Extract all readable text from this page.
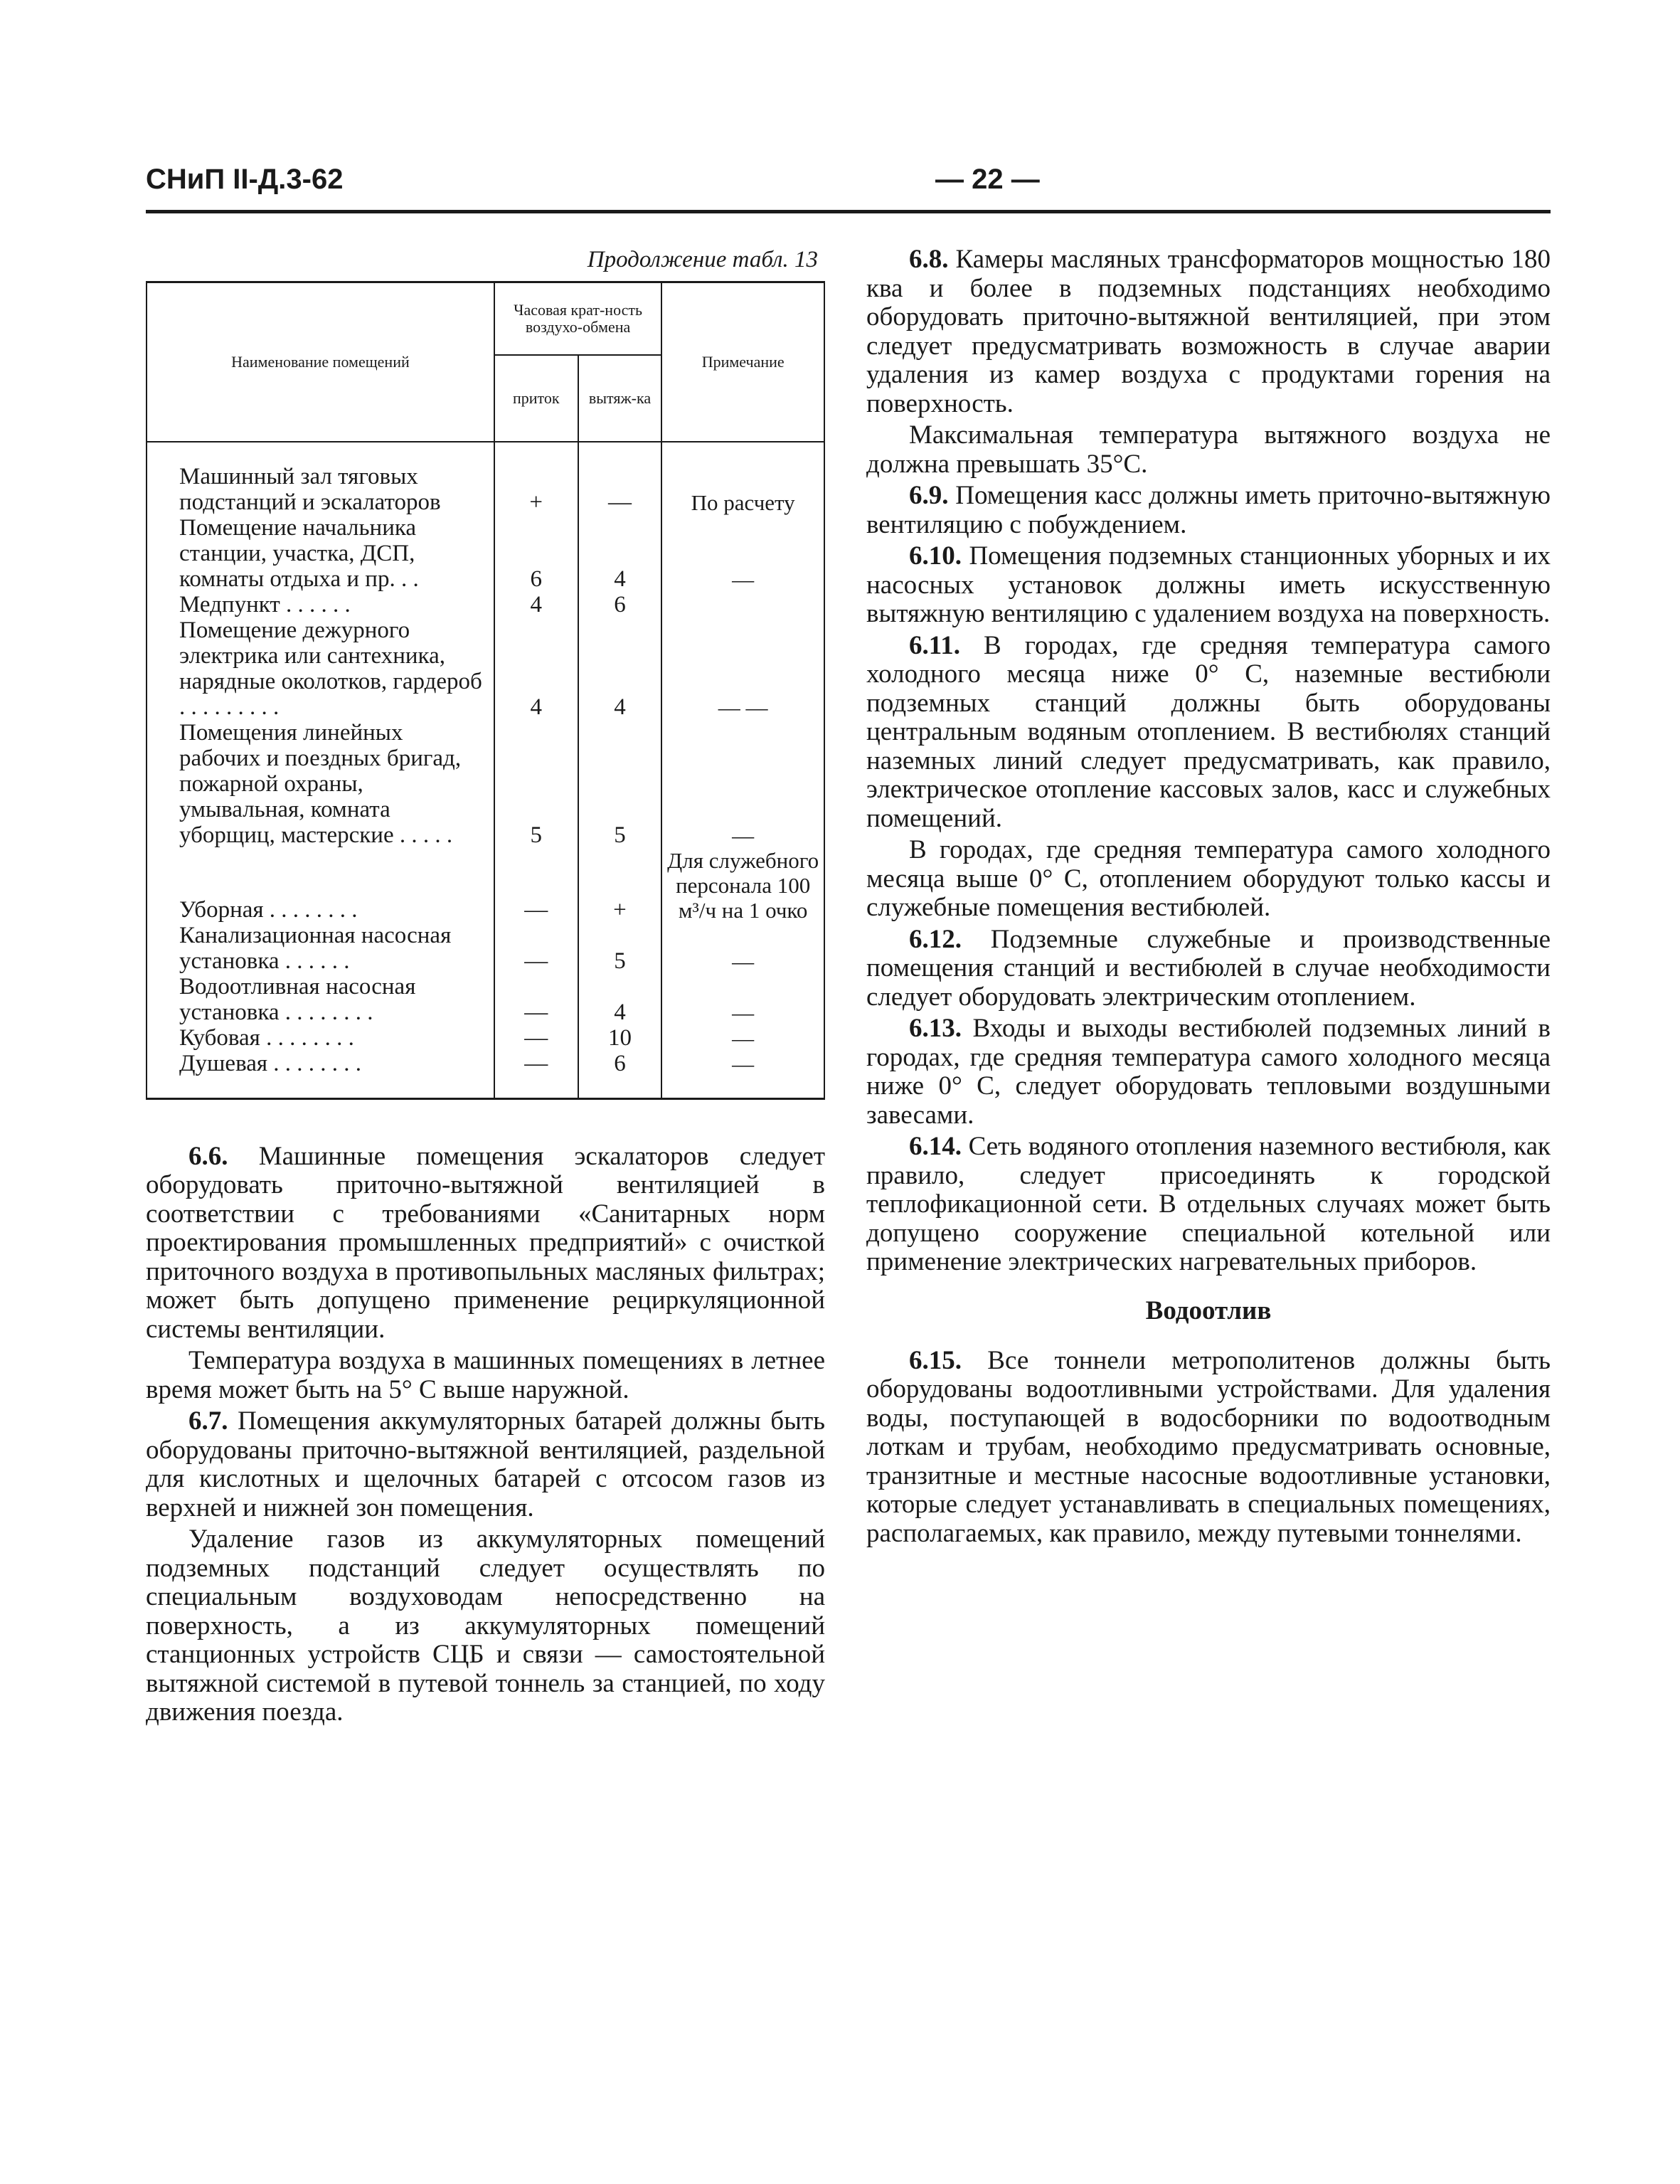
СНиП II-Д.3-62	— 22 —
Продолжение табл. 13
Наименование помещений	Часовая крат-ность воздухо-обмена		Примечание
	приток	вытяж-ка	
Машинный зал тяговых подстанций и эскалаторов	+	—	По расчету
Помещение начальника станции, участка, ДСП, комнаты отдыха и пр. . .	6	4	—
Медпункт . . . . . .	4	6	
Помещение дежурного электрика или сантехника, нарядные околотков, гардероб . . . . . . . . .	4	4	— —
Помещения линейных рабочих и поездных бригад, пожарной охраны, умывальная, комната уборщиц, мастерские . . . . .	5	5	—
Уборная . . . . . . . .	—	+	Для служебного персонала 100 м³/ч на 1 очко
Канализационная насосная установка . . . . . .	—	5	—
Водоотливная насосная установка . . . . . . . .	—	4	—
Кубовая . . . . . . . .	—	10	—
Душевая . . . . . . . .	—	6	—

6.6. Машинные помещения эскалаторов следует оборудовать приточно-вытяжной вентиляцией в соответствии с требованиями «Санитарных норм проектирования промышленных предприятий» с очисткой приточного воздуха в противопыльных масляных фильтрах; может быть допущено применение рециркуляционной системы вентиляции.

Температура воздуха в машинных помещениях в летнее время может быть на 5° С выше наружной.

6.7. Помещения аккумуляторных батарей должны быть оборудованы приточно-вытяжной вентиляцией, раздельной для кислотных и щелочных батарей с отсосом газов из верхней и нижней зон помещения.

Удаление газов из аккумуляторных помещений подземных подстанций следует осуществлять по специальным воздуховодам непосредственно на поверхность, а из аккумуляторных помещений станционных устройств СЦБ и связи — самостоятельной вытяжной системой в путевой тоннель за станцией, по ходу движения поезда.

6.8. Камеры масляных трансформаторов мощностью 180 ква и более в подземных подстанциях необходимо оборудовать приточно-вытяжной вентиляцией, при этом следует предусматривать возможность в случае аварии удаления из камер воздуха с продуктами горения на поверхность.

Максимальная температура вытяжного воздуха не должна превышать 35°С.

6.9. Помещения касс должны иметь приточно-вытяжную вентиляцию с побуждением.

6.10. Помещения подземных станционных уборных и их насосных установок должны иметь искусственную вытяжную вентиляцию с удалением воздуха на поверхность.

6.11. В городах, где средняя температура самого холодного месяца ниже 0° С, наземные вестибюли подземных станций должны быть оборудованы центральным водяным отоплением. В вестибюлях станций наземных линий следует предусматривать, как правило, электрическое отопление кассовых залов, касс и служебных помещений.

В городах, где средняя температура самого холодного месяца выше 0° С, отоплением оборудуют только кассы и служебные помещения вестибюлей.

6.12. Подземные служебные и производственные помещения станций и вестибюлей в случае необходимости следует оборудовать электрическим отоплением.

6.13. Входы и выходы вестибюлей подземных линий в городах, где средняя температура самого холодного месяца ниже 0° С, следует оборудовать тепловыми воздушными завесами.

6.14. Сеть водяного отопления наземного вестибюля, как правило, следует присоединять к городской теплофикационной сети. В отдельных случаях может быть допущено сооружение специальной котельной или применение электрических нагревательных приборов.

Водоотлив

6.15. Все тоннели метрополитенов должны быть оборудованы водоотливными устройствами. Для удаления воды, поступающей в водосборники по водоотводным лоткам и трубам, необходимо предусматривать основные, транзитные и местные насосные водоотливные установки, которые следует устанавливать в специальных помещениях, располагаемых, как правило, между путевыми тоннелями.
